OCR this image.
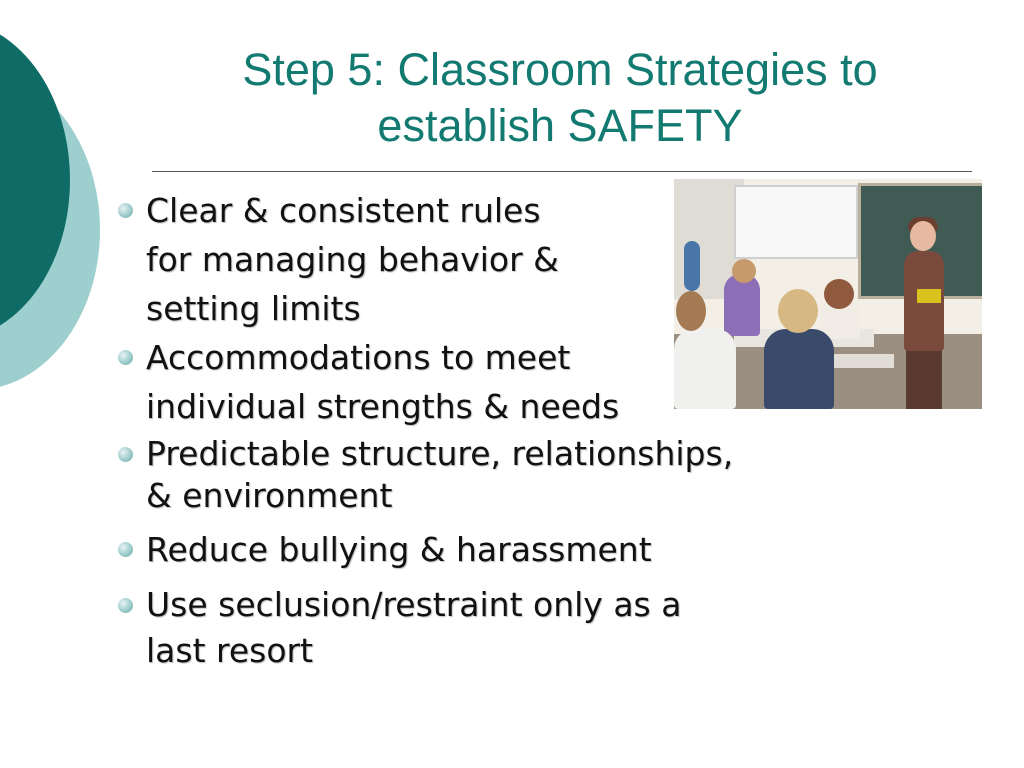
Step 5: Classroom Strategies to
establish SAFETY
Clear & consistent rules
for managing behavior &
setting limits
Accommodations to meet
individual strengths & needs
Predictable structure, relationships,
& environment
Reduce bullying & harassment
Use seclusion/restraint only as a
last resort
